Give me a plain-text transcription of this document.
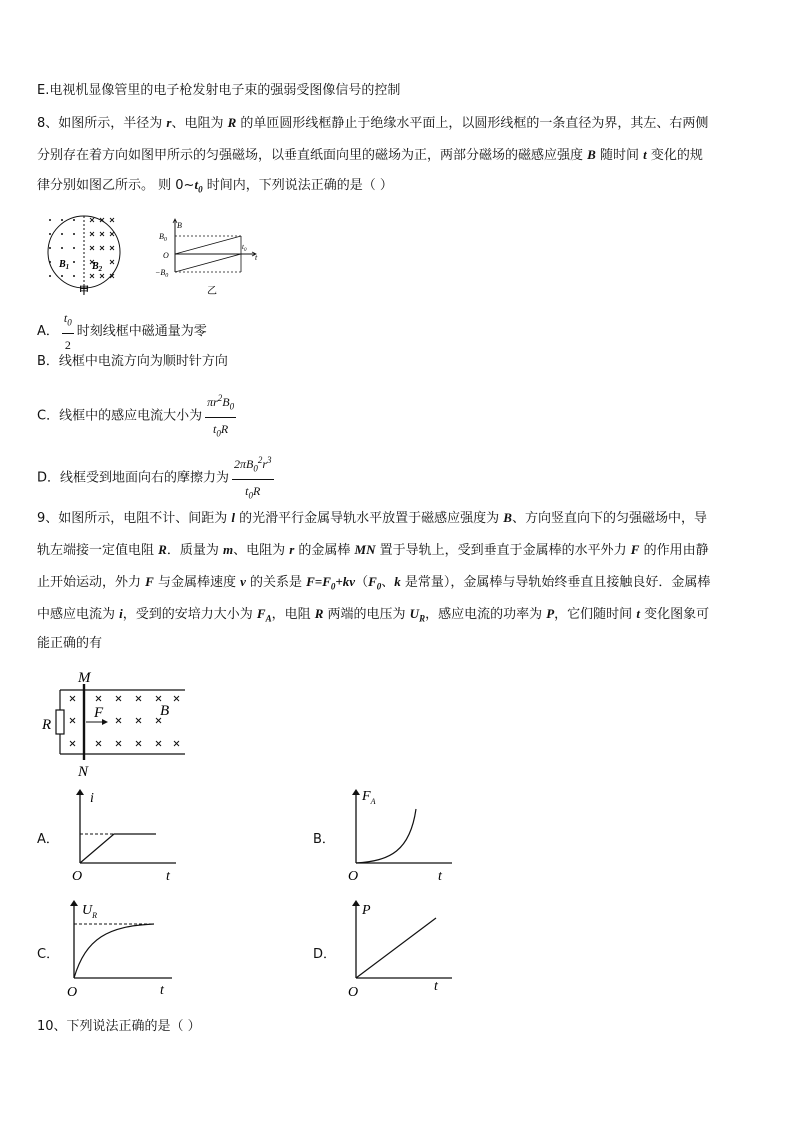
E.电视机显像管里的电子枪发射电子束的强弱受图像信号的控制
8、如图所示，半径为 r、电阻为 R 的单匝圆形线框静止于绝缘水平面上，以圆形线框的一条直径为界，其左、右两侧
分别存在着方向如图甲所示的匀强磁场，以垂直纸面向里的磁场为正，两部分磁场的磁感应强度 B 随时间 t 变化的规
律分别如图乙所示。 则 $0\sim t_0$ 时间内，下列说法正确的是（ ）
$B_1$ $B_2$
甲
B
$B_0$
O
$-B_0$
$t_0$
t
乙
A． $\frac{t_0}{2}$ 时刻线框中磁通量为零
B．线框中电流方向为顺时针方向
C．线框中的感应电流大小为 $\frac{\pi r^2B_0}{t_0R}$
D．线框受到地面向右的摩擦力为 $\frac{2\pi B_0^2r^3}{t_0R}$
9、如图所示，电阻不计、间距为 l 的光滑平行金属导轨水平放置于磁感应强度为 B、方向竖直向下的匀强磁场中，导
轨左端接一定值电阻 R．质量为 m、电阻为 r 的金属棒 MN 置于导轨上，受到垂直于金属棒的水平外力 F 的作用由静
止开始运动，外力 F 与金属棒速度 v 的关系是 $F=F_0+kv(F_0$、k 是常量），金属棒与导轨始终垂直且接触良好．金属棒
中感应电流为 i，受到的安培力大小为 $F_A$，电阻 R 两端的电压为 $U_R$，感应电流的功率为 P，它们随时间 t 变化图象可
能正确的有
M
N
R
F	B
A．	B．
C．	D．
i
O	t
$F_A$
O	t
$U_R$
O	t
P
O	t
10、下列说法正确的是（ ）
